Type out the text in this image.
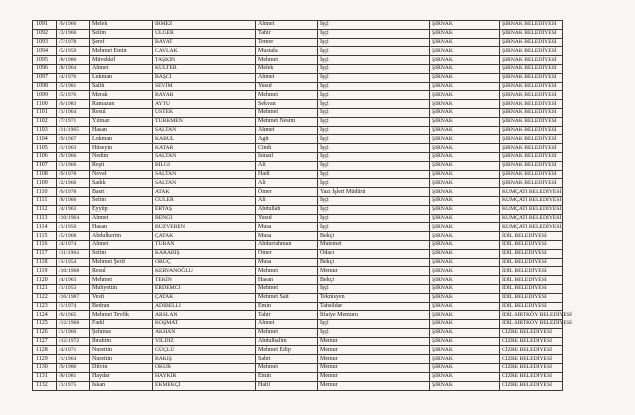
1091	/6/1966	Melek	IRMEZ	Ahmet	İşçi	ŞIRNAK	ŞIRNAK BELEDİYESİ
1092	/3/1966	Selim	ÜLGER	Tahir	İşçi	ŞIRNAK	ŞIRNAK BELEDİYESİ
1093	/7/1978	Şeref	BAYAT	Temer	İşçi	ŞIRNAK	ŞIRNAK BELEDİYESİ
1094	/5/1959	Mehmet Emin	CAVLAK	Mustafa	İşçi	ŞIRNAK	ŞIRNAK BELEDİYESİ
1095	/8/1980	Müvekkil	TAŞKIN	Mehmet	İşçi	ŞIRNAK	ŞIRNAK BELEDİYESİ
1096	/8/1964	Ahmet	KÜLTER	Melek	İşçi	ŞIRNAK	ŞIRNAK BELEDİYESİ
1097	/4/1976	Lukman	BAŞCİ	Ahmet	İşçi	ŞIRNAK	ŞIRNAK BELEDİYESİ
1098	/5/1981	Salih	SEVİM	Yusuf	İşçi	ŞIRNAK	ŞIRNAK BELEDİYESİ
1099	/5/1976	Merak	BAYAR	Mehmet	İşçi	ŞIRNAK	ŞIRNAK BELEDİYESİ
1100	/6/1983	Ramazan	AYTU	Sekvan	İşçi	ŞIRNAK	ŞIRNAK BELEDİYESİ
1101	/1/1964	Resul	ÜSTEK	Mehmet	İşçi	ŞIRNAK	ŞIRNAK BELEDİYESİ
1102	/7/1971	Yılmaz	TÜRKMEN	Mehmet Nesim	İşçi	ŞIRNAK	ŞIRNAK BELEDİYESİ
1103	/11/1965	Hasan	SALTAN	Ahmet	İşçi	ŞIRNAK	ŞIRNAK BELEDİYESİ
1104	/9/1967	Lokman	KABUL	Agit	İşçi	ŞIRNAK	ŞIRNAK BELEDİYESİ
1105	/1/1963	Hüseyin	KATAR	Cindi	İşçi	ŞIRNAK	ŞIRNAK BELEDİYESİ
1106	/9/1966	Nedim	SALTAN	İsmail	İşçi	ŞIRNAK	ŞIRNAK BELEDİYESİ
1107	/1/1966	Reşit	BİLGİ	Ali	İşçi	ŞIRNAK	ŞIRNAK BELEDİYESİ
1108	/9/1978	Nevaf	SALTAN	Hadi	İşçi	ŞIRNAK	ŞIRNAK BELEDİYESİ
1109	/2/1960	Sadık	SALTAN	Ali	İşçi	ŞIRNAK	ŞIRNAK BELEDİYESİ
1110	/6/1978	Basri	ATAK	Ömer	Yazı İşleri Müdürü	ŞIRNAK	KUMÇATI BELEDİYESİ
1111	/8/1960	Selim	GÜLER	Ali	İşçi	ŞIRNAK	KUMÇATI BELEDİYESİ
1112	/4/1963	Eyyüp	ERTAŞ	Abdullah	İşçi	ŞIRNAK	KUMÇATI BELEDİYESİ
1113	/10/1964	Ahmet	BENGİ	Yusuf	İşçi	ŞIRNAK	KUMÇATI BELEDİYESİ
1114	/1/1950	Hasan	BUZVEREN	Musa	İşçi	ŞIRNAK	KUMÇATI BELEDİYESİ
1115	/5/1968	Abdulkerim	ÇATAK	Musa	Bekçi	ŞIRNAK	İDİL BELEDİYESİ
1116	/4/1974	Ahmet	TURAN	Abdurrahman	Mutemet	ŞIRNAK	İDİL BELEDİYESİ
1117	/11/1964	Selim	KARABİŞ	Ömer	Odacı	ŞIRNAK	İDİL BELEDİYESİ
1118	/1/1954	Mehmet Şerif	ORUÇ	Musa	Bekçi	ŞIRNAK	İDİL BELEDİYESİ
1119	/10/1968	Resul	KERVANOĞLU	Mehmet	Memur	ŞIRNAK	İDİL BELEDİYESİ
1120	/4/1963	Mehmet	TEKİN	Hasan	Bekçi	ŞIRNAK	İDİL BELEDİYESİ
1121	/1/1953	Muhyettin	ERDEMCİ	Mehmet	İşçi	ŞIRNAK	İDİL BELEDİYESİ
1122	/10/1987	Vesfi	ÇATAK	Mehmet Sait	Teknisyen	ŞIRNAK	İDİL BELEDİYESİ
1123	/1/1974	Bedran	ADIBELLİ	Emin	Tahsildar	ŞIRNAK	İDİL BELEDİYESİ
1124	/6/1965	Mehmet Tevfik	ARSLAN	Tahir	İtfaiye Memuru	ŞIRNAK	İDİL SIRTKÖY BELEDİYESİ
1125	/12/1968	Fadıl	KOŞMAT	Ahmet	İşçi	ŞIRNAK	İDİL SIRTKÖY BELEDİYESİ
1126	/1/1960	Şehmus	AKHAN	Mehmet	İşçi	ŞIRNAK	CİZRE BELEDİYESİ
1127	/12/1972	İbrahim	YILDIZ	Abdulhalim	Memur	ŞIRNAK	CİZRE BELEDİYESİ
1128	/4/1971	Nurettin	GÜÇLÜ	Mehmet Edip	Memur	ŞIRNAK	CİZRE BELEDİYESİ
1129	/1/1964	Nurettin	BAKIŞ	Sabri	Memur	ŞIRNAK	CİZRE BELEDİYESİ
1130	/9/1986	Dilvin	OKUR	Mehmet	Memur	ŞIRNAK	CİZRE BELEDİYESİ
1131	/8/1981	Haydar	HAYKIR	Emin	Memur	ŞIRNAK	CİZRE BELEDİYESİ
1132	/1/1975	İskan	EKMEKÇİ	Halil	Memur	ŞIRNAK	CİZRE BELEDİYESİ
